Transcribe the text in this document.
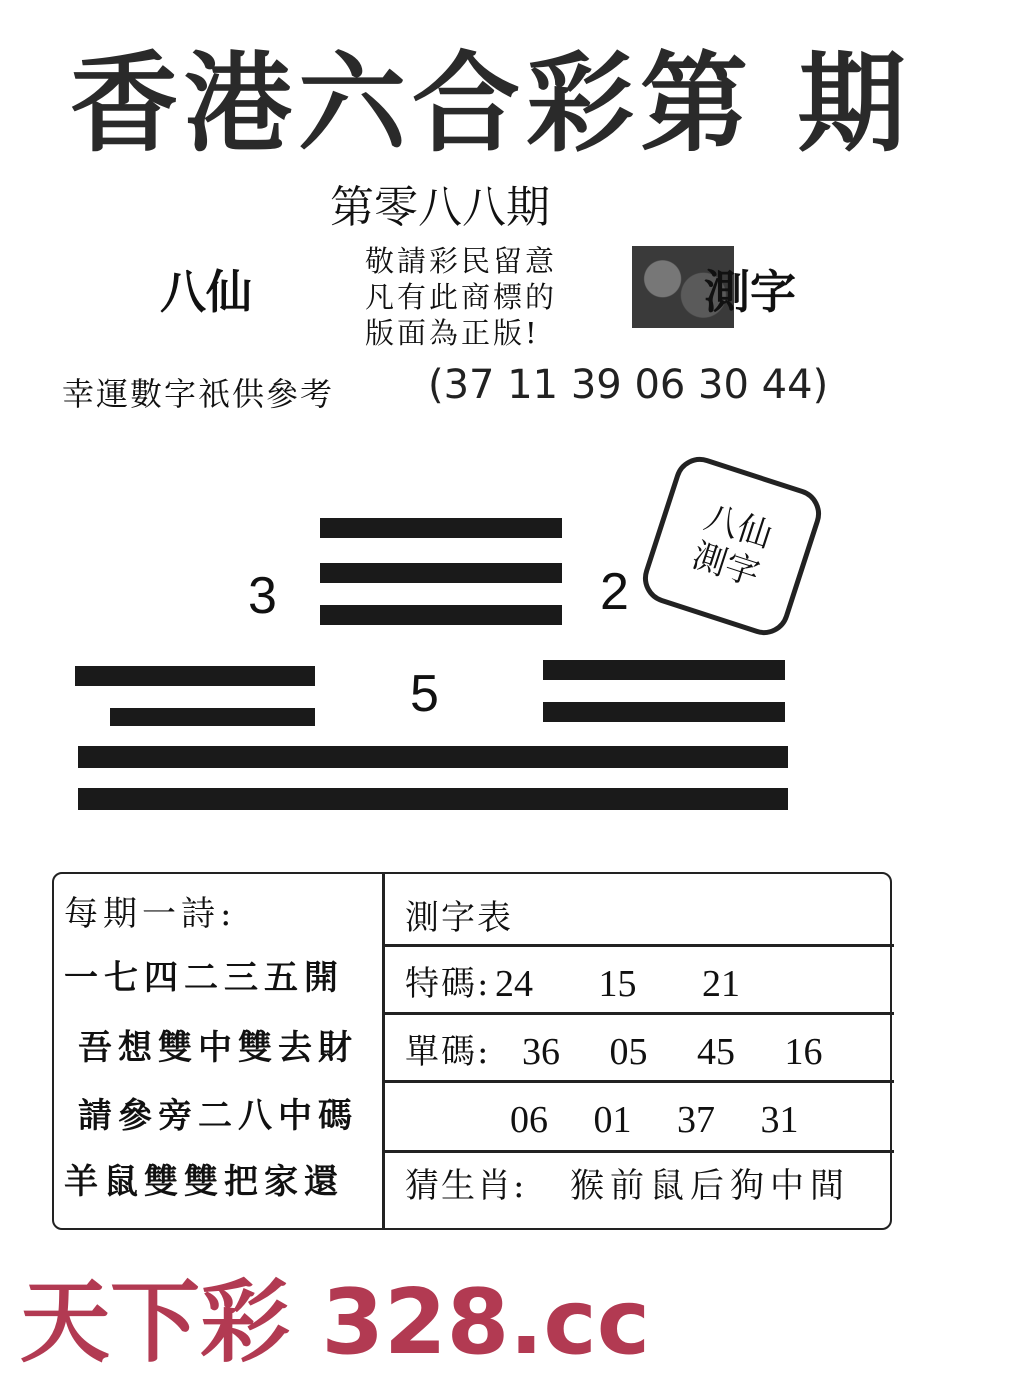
香港六合彩第 期
第零八八期
八仙
敬請彩民留意
凡有此商標的
版面為正版!
測字
幸運數字祇供參考 (37 11 39 06 30 44)
3	2
5
八仙
測字
每期一詩:
一七四二三五開
吾想雙中雙去財
請參旁二八中碼
羊鼠雙雙把家還
測字表
特碼: 24 15 21
單碼: 36 05 45 16
06 01 37 31
猜生肖: 猴前鼠后狗中間
天下彩 328.cc
